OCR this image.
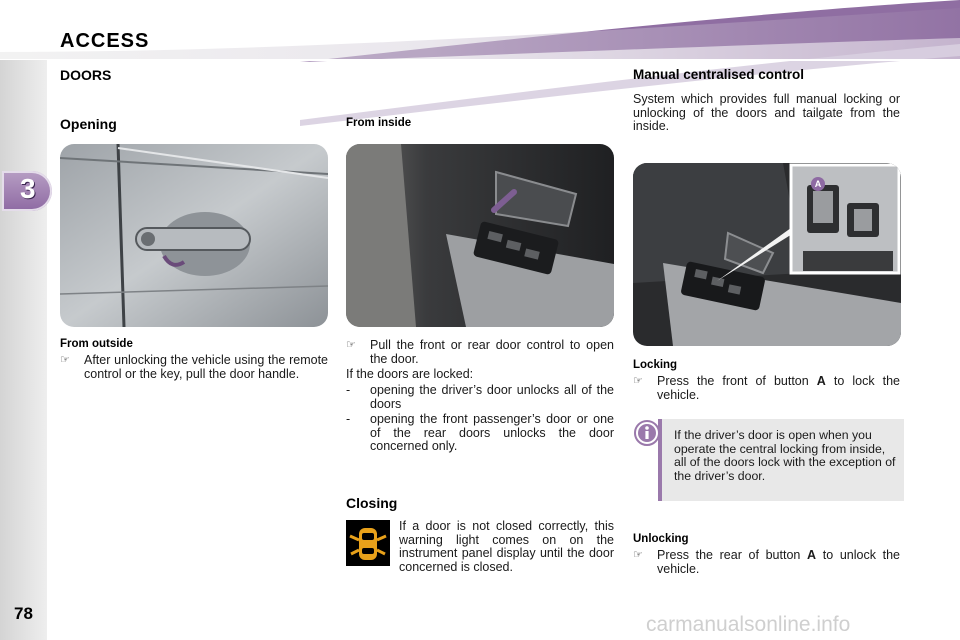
ACCESS
3
78	carmanualsonline.info
DOORS
Opening
From outside
☞	After unlocking the vehicle using the remote control or the key, pull the door handle.
From inside
☞	Pull the front or rear door control to open the door.
If the doors are locked:
-	opening the driver’s door unlocks all of the doors
-	opening the front passenger’s door or one of the rear doors unlocks the door concerned only.
Closing
If a door is not closed correctly, this warning light comes on on the instrument panel display until the door concerned is closed.
Manual centralised control
System which provides full manual locking or unlocking of the doors and tailgate from the inside.
A
Locking
☞	Press the front of button A to lock the vehicle.
If the driver’s door is open when you operate the central locking from inside, all of the doors lock with the exception of the driver’s door.
Unlocking
☞	Press the rear of button A to unlock the vehicle.
